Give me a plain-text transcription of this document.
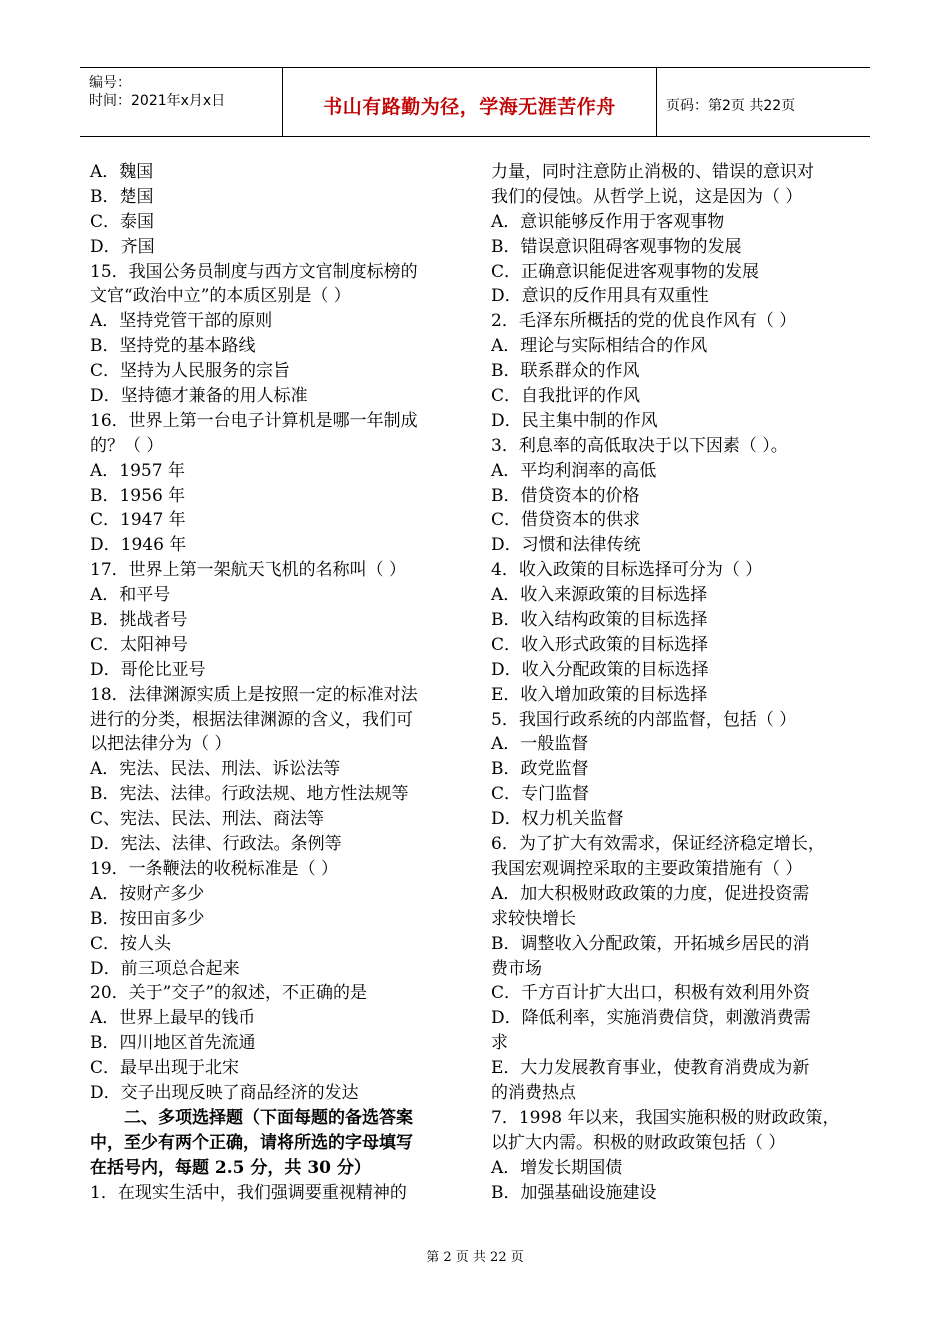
编号：
时间：2021年x月x日	书山有路勤为径，学海无涯苦作舟	页码：第2页 共22页
A．魏国
B．楚国
C．泰国
D．齐国
15．我国公务员制度与西方文官制度标榜的
文官“政治中立”的本质区别是（ ）
A．坚持党管干部的原则
B．坚持党的基本路线
C．坚持为人民服务的宗旨
D．坚持德才兼备的用人标准
16．世界上第一台电子计算机是哪一年制成
的？（ ）
A．1957 年
B．1956 年
C．1947 年
D．1946 年
17．世界上第一架航天飞机的名称叫（ ）
A．和平号
B．挑战者号
C．太阳神号
D．哥伦比亚号
18．法律渊源实质上是按照一定的标准对法
进行的分类，根据法律渊源的含义，我们可
以把法律分为（ ）
A．宪法、民法、刑法、诉讼法等
B．宪法、法律。行政法规、地方性法规等
C、宪法、民法、刑法、商法等
D．宪法、法律、行政法。条例等
19．一条鞭法的收税标准是（ ）
A．按财产多少
B．按田亩多少
C．按人头
D．前三项总合起来
20．关于”交子”的叙述，不正确的是
A．世界上最早的钱币
B．四川地区首先流通
C．最早出现于北宋
D．交子出现反映了商品经济的发达
　　二、多项选择题（下面每题的备选答案
中，至少有两个正确，请将所选的字母填写
在括号内，每题 2.5 分，共 30 分）
1．在现实生活中，我们强调要重视精神的
力量，同时注意防止消极的、错误的意识对
我们的侵蚀。从哲学上说，这是因为（ ）
A．意识能够反作用于客观事物
B．错误意识阻碍客观事物的发展
C．正确意识能促进客观事物的发展
D．意识的反作用具有双重性
2．毛泽东所概括的党的优良作风有（ ）
A．理论与实际相结合的作风
B．联系群众的作风
C．自我批评的作风
D．民主集中制的作风
3．利息率的高低取决于以下因素（ ）。
A．平均利润率的高低
B．借贷资本的价格
C．借贷资本的供求
D．习惯和法律传统
4．收入政策的目标选择可分为（ ）
A．收入来源政策的目标选择
B．收入结构政策的目标选择
C．收入形式政策的目标选择
D．收入分配政策的目标选择
E．收入增加政策的目标选择
5．我国行政系统的内部监督，包括（ ）
A．一般监督
B．政党监督
C．专门监督
D．权力机关监督
6．为了扩大有效需求，保证经济稳定增长，
我国宏观调控采取的主要政策措施有（ ）
A．加大积极财政政策的力度，促进投资需
求较快增长
B．调整收入分配政策，开拓城乡居民的消
费市场
C．千方百计扩大出口，积极有效利用外资
D．降低利率，实施消费信贷，刺激消费需
求
E．大力发展教育事业，使教育消费成为新
的消费热点
7．1998 年以来，我国实施积极的财政政策，
以扩大内需。积极的财政政策包括（ ）
A．增发长期国债
B．加强基础设施建设
第 2 页 共 22 页
